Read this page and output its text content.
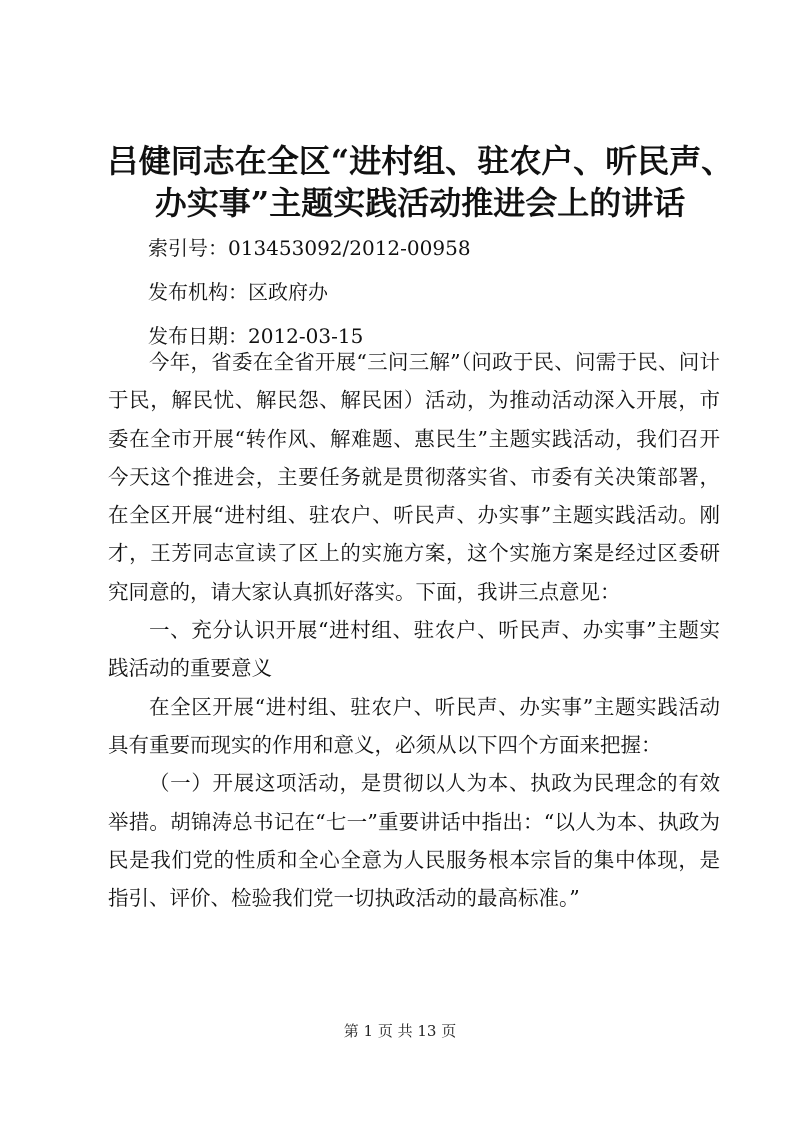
吕健同志在全区“进村组、驻农户、听民声、
办实事”主题实践活动推进会上的讲话
索引号：013453092/2012-00958
发布机构：区政府办
发布日期：2012-03-15

今年，省委在全省开展“三问三解”（问政于民、问需于民、问计于民，解民忧、解民怨、解民困）活动，为推动活动深入开展，市委在全市开展“转作风、解难题、惠民生”主题实践活动，我们召开今天这个推进会，主要任务就是贯彻落实省、市委有关决策部署，在全区开展“进村组、驻农户、听民声、办实事”主题实践活动。刚才，王芳同志宣读了区上的实施方案，这个实施方案是经过区委研究同意的，请大家认真抓好落实。下面，我讲三点意见：

一、充分认识开展“进村组、驻农户、听民声、办实事”主题实践活动的重要意义

在全区开展“进村组、驻农户、听民声、办实事”主题实践活动具有重要而现实的作用和意义，必须从以下四个方面来把握：

（一）开展这项活动，是贯彻以人为本、执政为民理念的有效举措。胡锦涛总书记在“七一”重要讲话中指出：“以人为本、执政为民是我们党的性质和全心全意为人民服务根本宗旨的集中体现，是指引、评价、检验我们党一切执政活动的最高标准。”

第 1 页 共 13 页
